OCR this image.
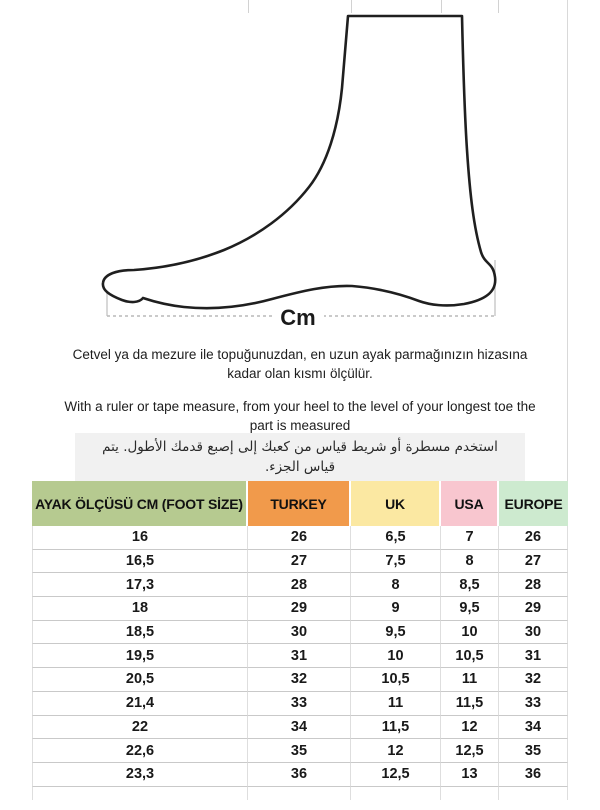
Cm
Cetvel ya da mezure ile topuğunuzdan, en uzun ayak parmağınızın hizasına kadar olan kısmı ölçülür.
With a ruler or tape measure, from your heel to the level of your longest toe the part is measured
استخدم مسطرة أو شريط قياس من كعبك إلى إصبع قدمك الأطول. يتم قياس الجزء.
AYAK ÖLÇÜSÜ CM (FOOT SİZE)	TURKEY	UK	USA	EUROPE
16	26	6,5	7	26
16,5	27	7,5	8	27
17,3	28	8	8,5	28
18	29	9	9,5	29
18,5	30	9,5	10	30
19,5	31	10	10,5	31
20,5	32	10,5	11	32
21,4	33	11	11,5	33
22	34	11,5	12	34
22,6	35	12	12,5	35
23,3	36	12,5	13	36
